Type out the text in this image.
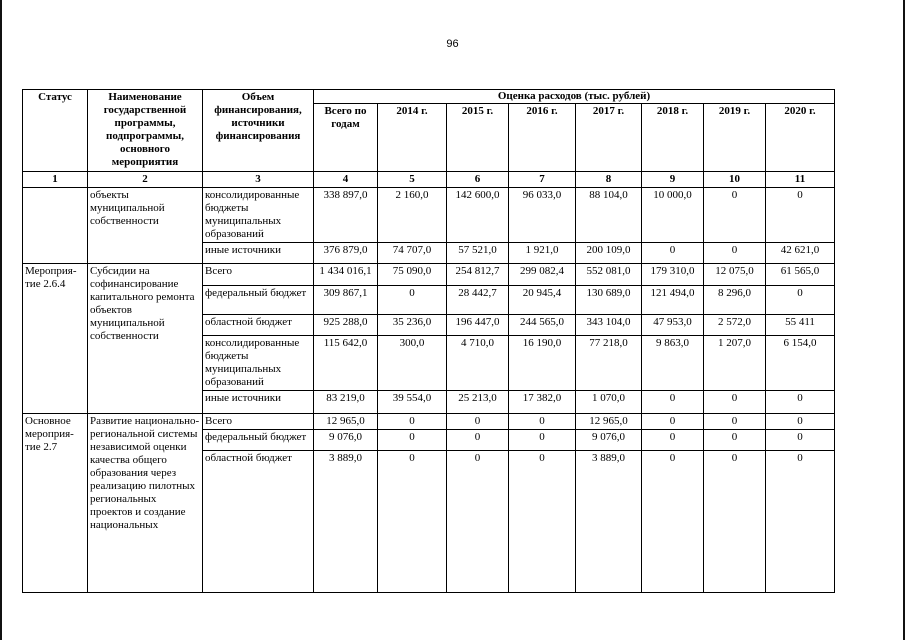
96
Статус	Наименование государственной программы, подпрограммы, основного мероприятия	Объем финансирования, источники финансирования	Оценка расходов (тыс. рублей)							
			Всего по годам	2014 г.	2015 г.	2016 г.	2017 г.	2018 г.	2019 г.	2020 г.
1	2	3	4	5	6	7	8	9	10	11
	объекты муниципальной собственности	консолидированные бюджеты муниципальных образований	338 897,0	2 160,0	142 600,0	96 033,0	88 104,0	10 000,0	0	0
		иные источники	376 879,0	74 707,0	57 521,0	1 921,0	200 109,0	0	0	42 621,0
Мероприя-тие 2.6.4	Субсидии на софинансирование капитального ремонта объектов муниципальной собственности	Всего	1 434 016,1	75 090,0	254 812,7	299 082,4	552 081,0	179 310,0	12 075,0	61 565,0
		федеральный бюджет	309 867,1	0	28 442,7	20 945,4	130 689,0	121 494,0	8 296,0	0
		областной бюджет	925 288,0	35 236,0	196 447,0	244 565,0	343 104,0	47 953,0	2 572,0	55 411
		консолидированные бюджеты муниципальных образований	115 642,0	300,0	4 710,0	16 190,0	77 218,0	9 863,0	1 207,0	6 154,0
		иные источники	83 219,0	39 554,0	25 213,0	17 382,0	1 070,0	0	0	0
Основное мероприя-тие 2.7	Развитие национально-региональной системы независимой оценки качества общего образования через реализацию пилотных региональных проектов и создание национальных	Всего	12 965,0	0	0	0	12 965,0	0	0	0
		федеральный бюджет	9 076,0	0	0	0	9 076,0	0	0	0
		областной бюджет	3 889,0	0	0	0	3 889,0	0	0	0
